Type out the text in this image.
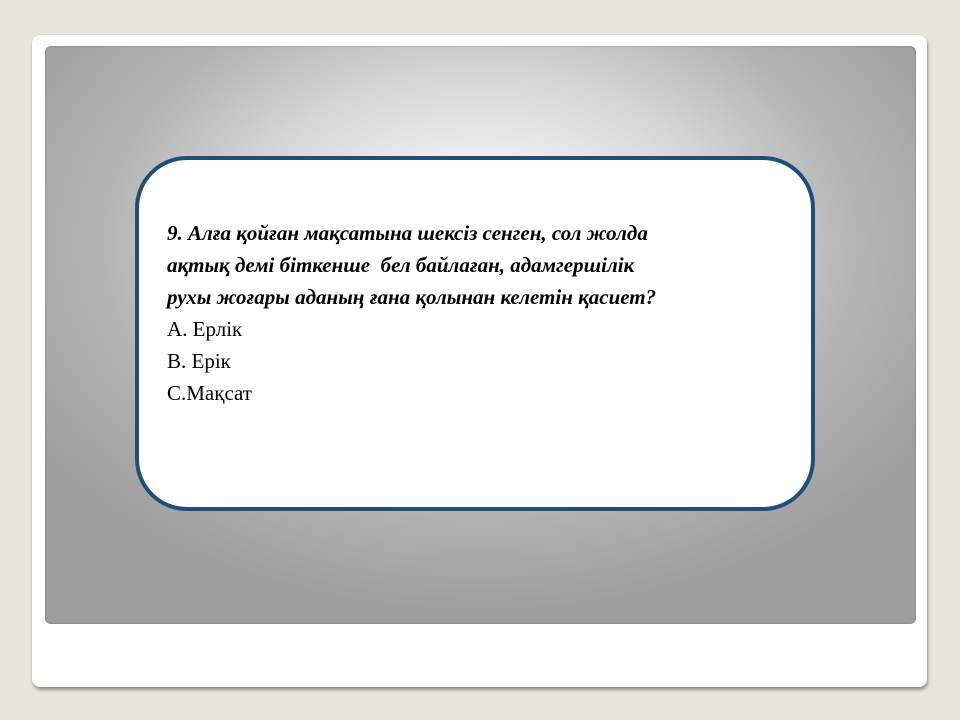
9. Алға қойған мақсатына шексіз сенген, сол жолда
ақтық демі біткенше  бел байлаған, адамгершілік
рухы жоғары аданың ғана қолынан келетін қасиет?
А. Ерлік
В. Ерік
С.Мақсат
